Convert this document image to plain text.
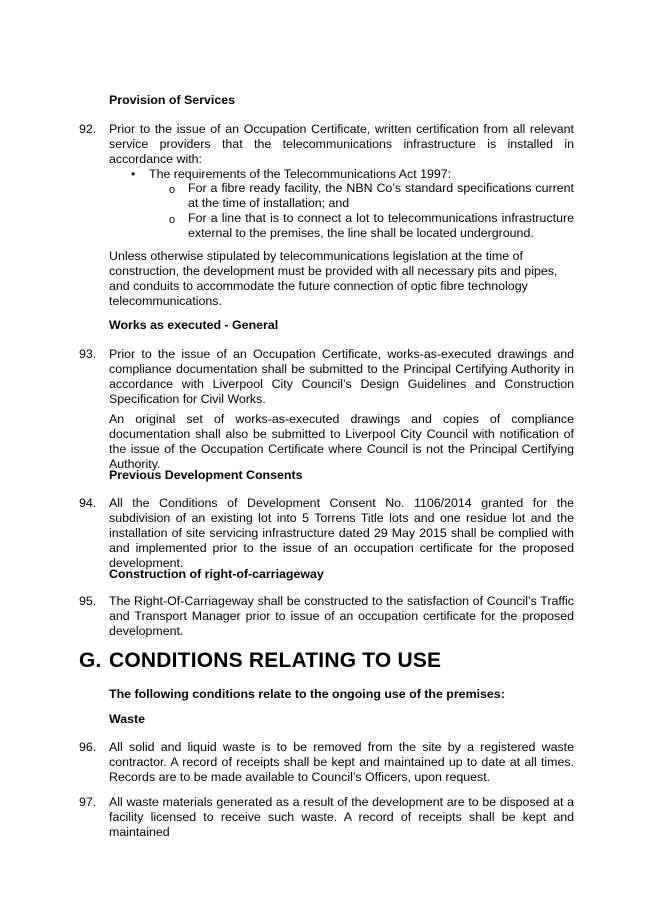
Provision of Services
92. Prior to the issue of an Occupation Certificate, written certification from all relevant service providers that the telecommunications infrastructure is installed in accordance with:
• The requirements of the Telecommunications Act 1997:
o For a fibre ready facility, the NBN Co’s standard specifications current at the time of installation; and
o For a line that is to connect a lot to telecommunications infrastructure external to the premises, the line shall be located underground.
Unless otherwise stipulated by telecommunications legislation at the time of construction, the development must be provided with all necessary pits and pipes, and conduits to accommodate the future connection of optic fibre technology telecommunications.
Works as executed - General
93. Prior to the issue of an Occupation Certificate, works-as-executed drawings and compliance documentation shall be submitted to the Principal Certifying Authority in accordance with Liverpool City Council’s Design Guidelines and Construction Specification for Civil Works.
An original set of works-as-executed drawings and copies of compliance documentation shall also be submitted to Liverpool City Council with notification of the issue of the Occupation Certificate where Council is not the Principal Certifying Authority.
Previous Development Consents
94. All the Conditions of Development Consent No. 1106/2014 granted for the subdivision of an existing lot into 5 Torrens Title lots and one residue lot and the installation of site servicing infrastructure dated 29 May 2015 shall be complied with and implemented prior to the issue of an occupation certificate for the proposed development.
Construction of right-of-carriageway
95. The Right-Of-Carriageway shall be constructed to the satisfaction of Council’s Traffic and Transport Manager prior to issue of an occupation certificate for the proposed development.
G. CONDITIONS RELATING TO USE
The following conditions relate to the ongoing use of the premises:
Waste
96. All solid and liquid waste is to be removed from the site by a registered waste contractor. A record of receipts shall be kept and maintained up to date at all times. Records are to be made available to Council’s Officers, upon request.
97. All waste materials generated as a result of the development are to be disposed at a facility licensed to receive such waste. A record of receipts shall be kept and maintained
